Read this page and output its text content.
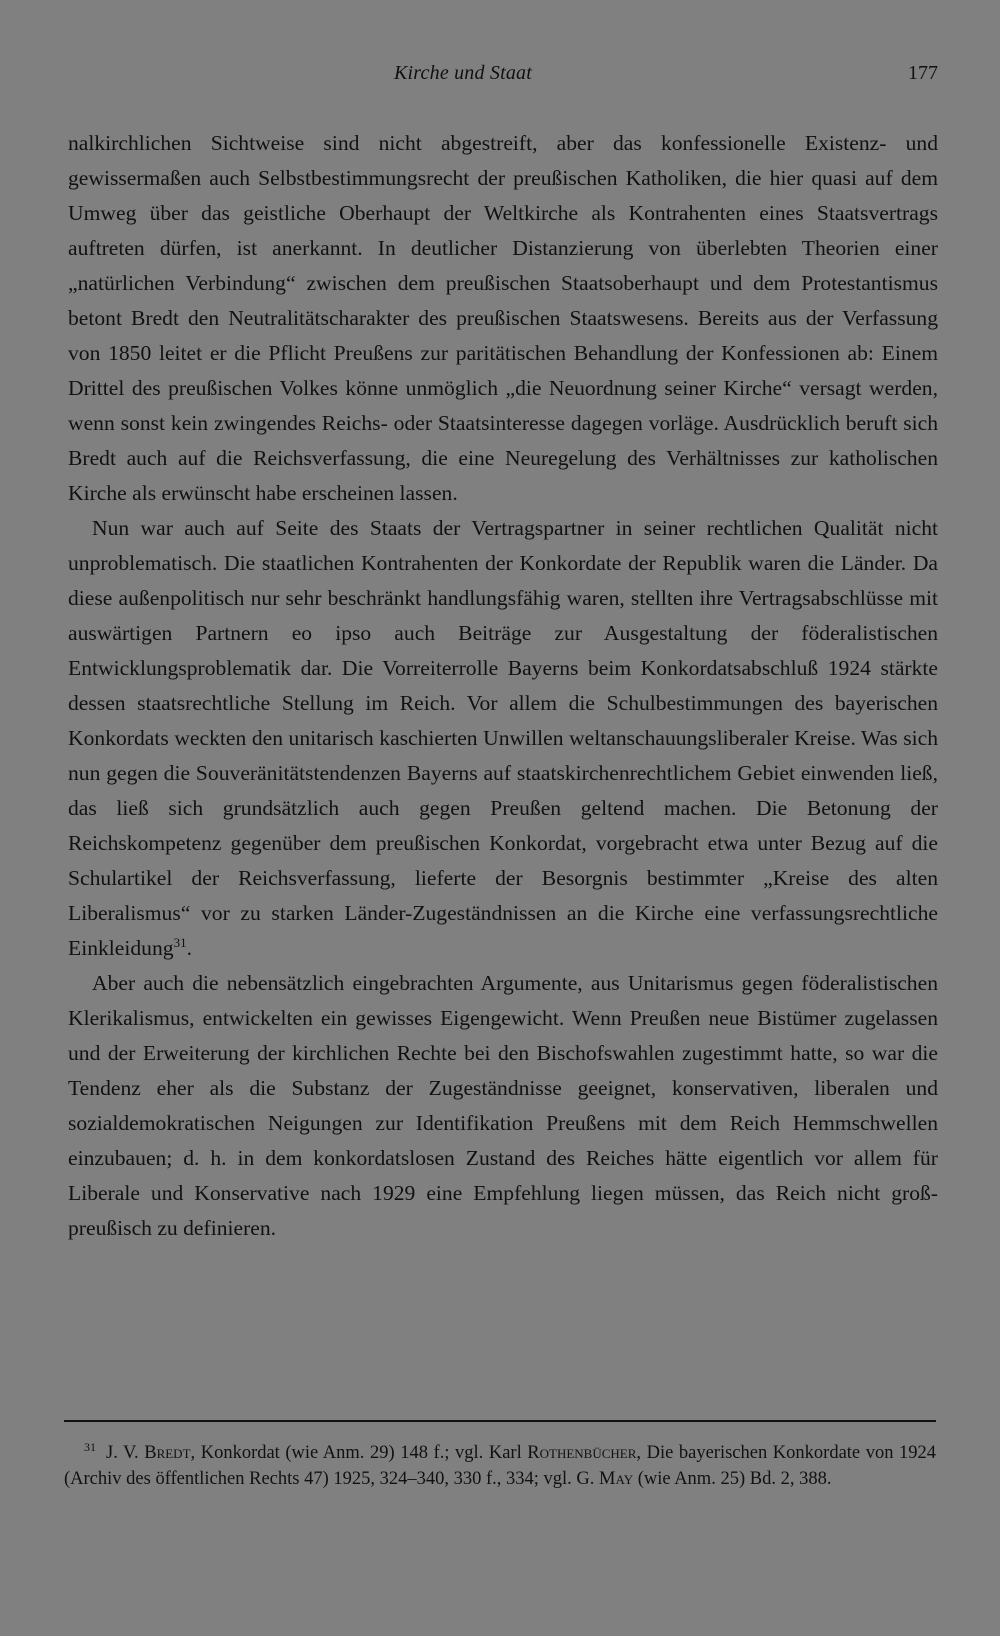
Kirche und Staat	177

nalkirchlichen Sichtweise sind nicht abgestreift, aber das konfessionelle Existenz- und gewissermaßen auch Selbstbestimmungsrecht der preußischen Katholiken, die hier quasi auf dem Umweg über das geistliche Oberhaupt der Weltkirche als Kontrahenten eines Staatsvertrags auftreten dürfen, ist anerkannt. In deutlicher Distanzierung von überlebten Theorien einer „natürlichen Verbindung“ zwischen dem preußischen Staatsoberhaupt und dem Protestantismus betont Bredt den Neutralitätscharakter des preußischen Staatswesens. Bereits aus der Verfassung von 1850 leitet er die Pflicht Preußens zur paritätischen Behandlung der Konfessionen ab: Einem Drittel des preußischen Volkes könne unmöglich „die Neuordnung seiner Kirche“ versagt werden, wenn sonst kein zwingendes Reichs- oder Staatsinteresse dagegen vorläge. Ausdrücklich beruft sich Bredt auch auf die Reichsverfassung, die eine Neuregelung des Verhältnisses zur katholischen Kirche als erwünscht habe erscheinen lassen.

Nun war auch auf Seite des Staats der Vertragspartner in seiner rechtlichen Qualität nicht unproblematisch. Die staatlichen Kontrahenten der Konkordate der Republik waren die Länder. Da diese außenpolitisch nur sehr beschränkt handlungsfähig waren, stellten ihre Vertragsabschlüsse mit auswärtigen Partnern eo ipso auch Beiträge zur Ausgestaltung der föderalistischen Entwicklungsproblematik dar. Die Vorreiterrolle Bayerns beim Konkordatsabschluß 1924 stärkte dessen staatsrechtliche Stellung im Reich. Vor allem die Schulbestimmungen des bayerischen Konkordats weckten den unitarisch kaschierten Unwillen weltanschauungsliberaler Kreise. Was sich nun gegen die Souveränitätstendenzen Bayerns auf staatskirchenrechtlichem Gebiet einwenden ließ, das ließ sich grundsätzlich auch gegen Preußen geltend machen. Die Betonung der Reichskompetenz gegenüber dem preußischen Konkordat, vorgebracht etwa unter Bezug auf die Schulartikel der Reichsverfassung, lieferte der Besorgnis bestimmter „Kreise des alten Liberalismus“ vor zu starken Länder-Zugeständnissen an die Kirche eine verfassungsrechtliche Einkleidung$^{31}$.

Aber auch die nebensätzlich eingebrachten Argumente, aus Unitarismus gegen föderalistischen Klerikalismus, entwickelten ein gewisses Eigengewicht. Wenn Preußen neue Bistümer zugelassen und der Erweiterung der kirchlichen Rechte bei den Bischofswahlen zugestimmt hatte, so war die Tendenz eher als die Substanz der Zugeständnisse geeignet, konservativen, liberalen und sozialdemokratischen Neigungen zur Identifikation Preußens mit dem Reich Hemmschwellen einzubauen; d. h. in dem konkordatslosen Zustand des Reiches hätte eigentlich vor allem für Liberale und Konservative nach 1929 eine Empfehlung liegen müssen, das Reich nicht groß-preußisch zu definieren.

$^{31}$ J. V. Bredt, Konkordat (wie Anm. 29) 148 f.; vgl. Karl Rothenbücher, Die bayerischen Konkordate von 1924 (Archiv des öffentlichen Rechts 47) 1925, 324–340, 330 f., 334; vgl. G. May (wie Anm. 25) Bd. 2, 388.
